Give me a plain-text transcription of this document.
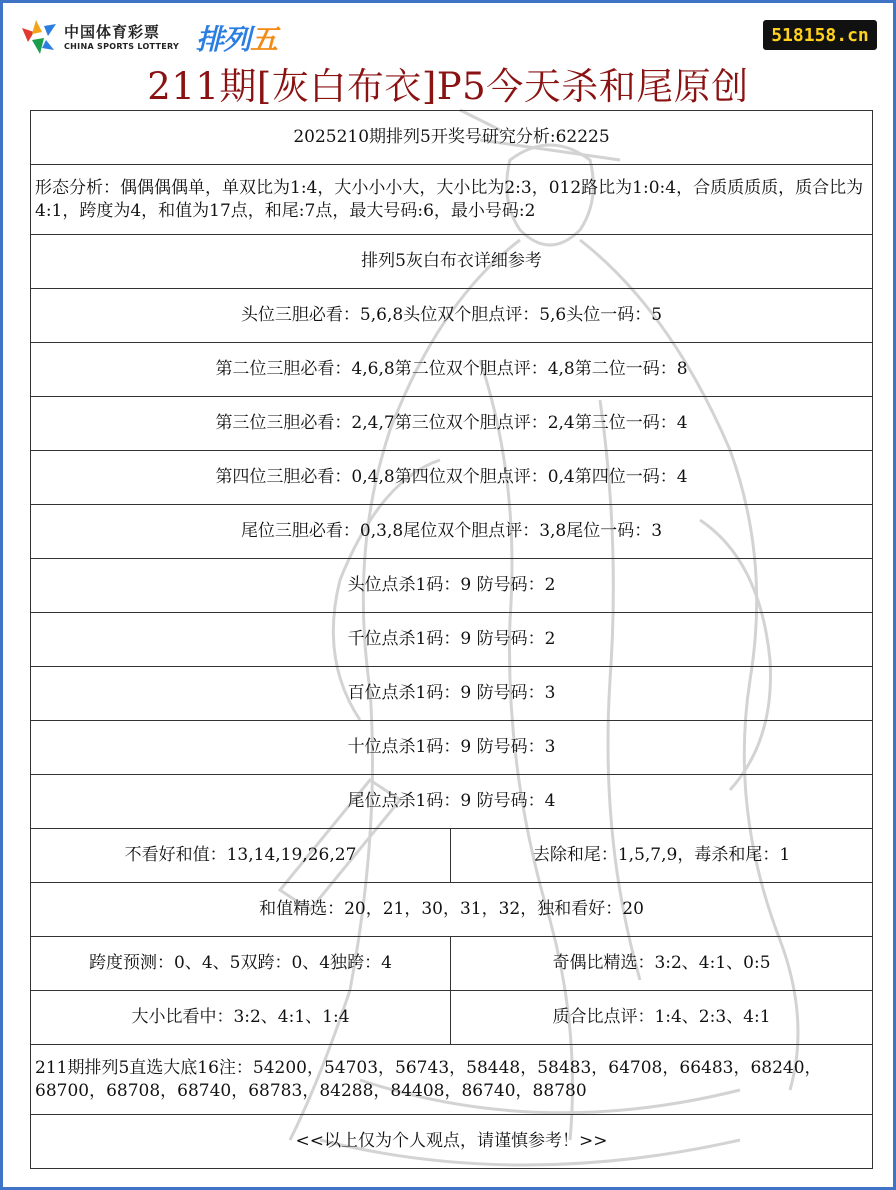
中国体育彩票
CHINA SPORTS LOTTERY 排列五	518158.cn
211期[灰白布衣]P5今天杀和尾原创
2025210期排列5开奖号研究分析:62225	
形态分析：偶偶偶偶单，单双比为1:4，大小小小大，大小比为2:3，012路比为1:0:4，合质质质质，质合比为4:1，跨度为4，和值为17点，和尾:7点，最大号码:6，最小号码:2	
排列5灰白布衣详细参考	
头位三胆必看：5,6,8头位双个胆点评：5,6头位一码：5	
第二位三胆必看：4,6,8第二位双个胆点评：4,8第二位一码：8	
第三位三胆必看：2,4,7第三位双个胆点评：2,4第三位一码：4	
第四位三胆必看：0,4,8第四位双个胆点评：0,4第四位一码：4	
尾位三胆必看：0,3,8尾位双个胆点评：3,8尾位一码：3	
头位点杀1码：9 防号码：2	
千位点杀1码：9 防号码：2	
百位点杀1码：9 防号码：3	
十位点杀1码：9 防号码：3	
尾位点杀1码：9 防号码：4	
不看好和值：13,14,19,26,27	去除和尾：1,5,7,9，毒杀和尾：1
和值精选：20，21，30，31，32，独和看好：20	
跨度预测：0、4、5双跨：0、4独跨：4	奇偶比精选：3:2、4:1、0:5
大小比看中：3:2、4:1、1:4	质合比点评：1:4、2:3、4:1
211期排列5直选大底16注：54200，54703，56743，58448，58483，64708，66483，68240，68700，68708，68740，68783，84288，84408，86740，88780	
<<以上仅为个人观点，请谨慎参考！>>	
